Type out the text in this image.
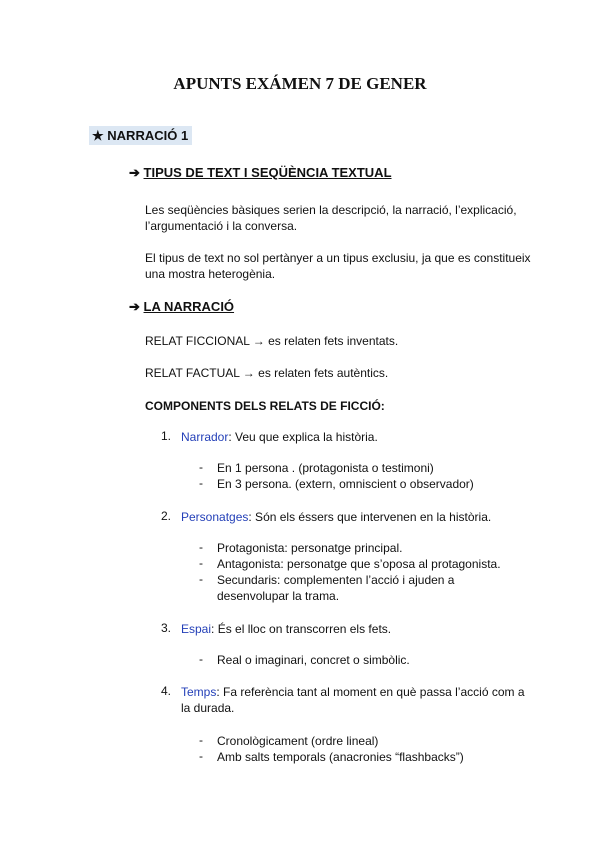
APUNTS EXÁMEN 7 DE GENER
★ NARRACIÓ 1
➔ TIPUS DE TEXT I SEQÜÈNCIA TEXTUAL
Les seqüències bàsiques serien la descripció, la narració, l’explicació, l’argumentació i la conversa.
El tipus de text no sol pertànyer a un tipus exclusiu, ja que es constitueix una mostra heterogènia.
➔ LA NARRACIÓ
RELAT FICCIONAL → es relaten fets inventats.
RELAT FACTUAL → es relaten fets autèntics.
COMPONENTS DELS RELATS DE FICCIÓ:
1. Narrador: Veu que explica la història.
- En 1 persona . (protagonista o testimoni)
- En 3 persona. (extern, omniscient o observador)
2. Personatges: Són els éssers que intervenen en la història.
- Protagonista: personatge principal.
- Antagonista: personatge que s’oposa al protagonista.
- Secundaris: complementen l’acció i ajuden a desenvolupar la trama.
3. Espai: És el lloc on transcorren els fets.
- Real o imaginari, concret o simbòlic.
4. Temps: Fa referència tant al moment en què passa l’acció com a la durada.
- Cronològicament (ordre lineal)
- Amb salts temporals (anacronies “flashbacks”)
